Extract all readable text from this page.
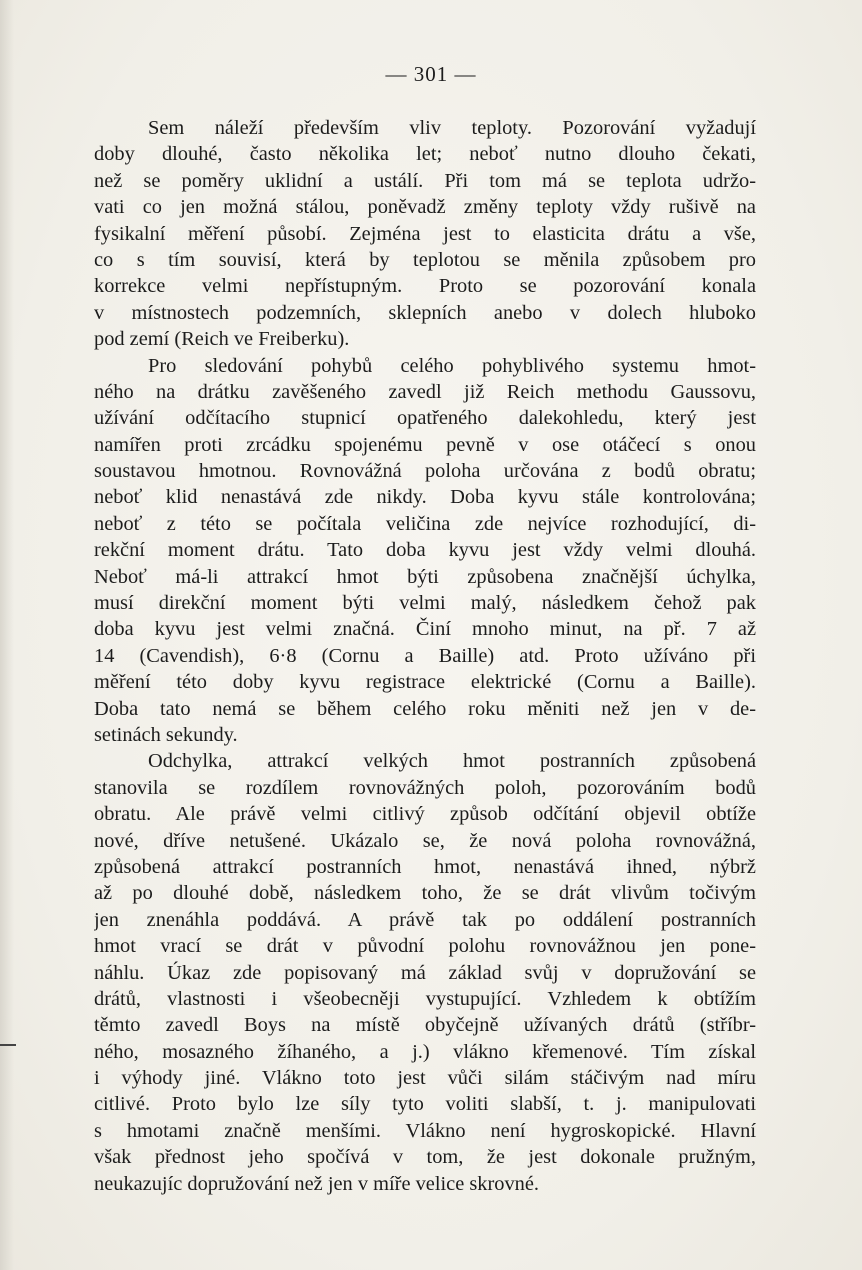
— 301 —
Sem náleží především vliv teploty. Pozorování vyžadují
doby dlouhé, často několika let; neboť nutno dlouho čekati,
než se poměry uklidní a ustálí. Při tom má se teplota udržo-
vati co jen možná stálou, poněvadž změny teploty vždy rušivě na
fysikalní měření působí. Zejména jest to elasticita drátu a vše,
co s tím souvisí, která by teplotou se měnila způsobem pro
korrekce velmi nepřístupným. Proto se pozorování konala
v místnostech podzemních, sklepních anebo v dolech hluboko
pod zemí (Reich ve Freiberku).
Pro sledování pohybů celého pohyblivého systemu hmot-
ného na drátku zavěšeného zavedl již Reich methodu Gaussovu,
užívání odčítacího stupnicí opatřeného dalekohledu, který jest
namířen proti zrcádku spojenému pevně v ose otáčecí s onou
soustavou hmotnou. Rovnovážná poloha určována z bodů obratu;
neboť klid nenastává zde nikdy. Doba kyvu stále kontrolována;
neboť z této se počítala veličina zde nejvíce rozhodující, di-
rekční moment drátu. Tato doba kyvu jest vždy velmi dlouhá.
Neboť má-li attrakcí hmot býti způsobena značnější úchylka,
musí direkční moment býti velmi malý, následkem čehož pak
doba kyvu jest velmi značná. Činí mnoho minut, na př. 7 až
14 (Cavendish), 6·8 (Cornu a Baille) atd. Proto užíváno při
měření této doby kyvu registrace elektrické (Cornu a Baille).
Doba tato nemá se během celého roku měniti než jen v de-
setinách sekundy.
Odchylka, attrakcí velkých hmot postranních způsobená
stanovila se rozdílem rovnovážných poloh, pozorováním bodů
obratu. Ale právě velmi citlivý způsob odčítání objevil obtíže
nové, dříve netušené. Ukázalo se, že nová poloha rovnovážná,
způsobená attrakcí postranních hmot, nenastává ihned, nýbrž
až po dlouhé době, následkem toho, že se drát vlivům točivým
jen znenáhla poddává. A právě tak po oddálení postranních
hmot vrací se drát v původní polohu rovnovážnou jen pone-
náhlu. Úkaz zde popisovaný má základ svůj v dopružování se
drátů, vlastnosti i všeobecněji vystupující. Vzhledem k obtížím
těmto zavedl Boys na místě obyčejně užívaných drátů (stříbr-
ného, mosazného žíhaného, a j.) vlákno křemenové. Tím získal
i výhody jiné. Vlákno toto jest vůči silám stáčivým nad míru
citlivé. Proto bylo lze síly tyto voliti slabší, t. j. manipulovati
s hmotami značně menšími. Vlákno není hygroskopické. Hlavní
však přednost jeho spočívá v tom, že jest dokonale pružným,
neukazujíc dopružování než jen v míře velice skrovné.
